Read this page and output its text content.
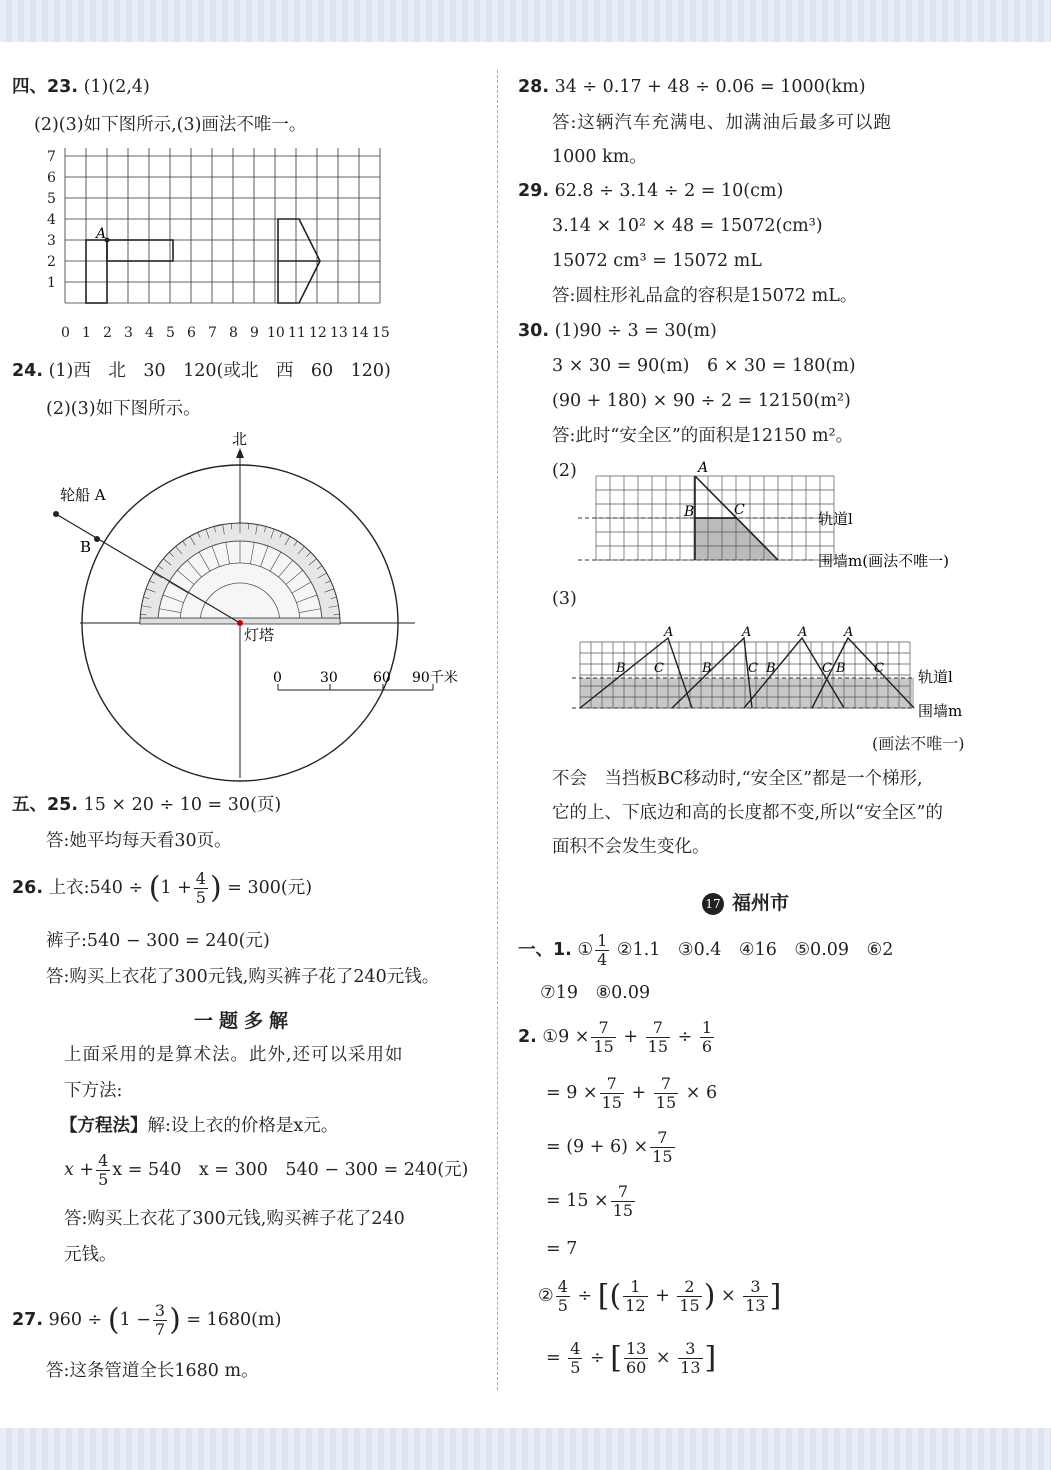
四、23. (1)(2,4)
(2)(3)如下图所示,(3)画法不唯一。
0 1 2 3 4 5 6 7 8 9 10 11 12 13 14 15
7
6
5
4
3
2
1
A
24. (1)西　北　30　120(或北　西　60　120)
(2)(3)如下图所示。
北
轮船 A
B
灯塔
0	30	60 90千米
五、25. 15 × 20 ÷ 10 = 30(页)
答:她平均每天看30页。
26. 上衣:540 ÷ ($1 + \frac{4}{5}$ ) = 300(元)
裤子:540 − 300 = 240(元)
答:购买上衣花了300元钱,购买裤子花了240元钱。
一题多解
上面采用的是算术法。此外,还可以采用如
下方法:
【方程法】解:设上衣的价格是x元。
$x + \frac{4}{5}$ x = 540　x = 300　540 − 300 = 240(元)
答:购买上衣花了300元钱,购买裤子花了240
元钱。
27. $960 \div (1 - \frac{3}{7}$ ) = 1680(m)
答:这条管道全长1680 m。
28. 34 ÷ 0.17 + 48 ÷ 0.06 = 1000(km)
答:这辆汽车充满电、加满油后最多可以跑
1000 km。
29. 62.8 ÷ 3.14 ÷ 2 = 10(cm)
3.14 × 10² × 48 = 15072(cm³)
15072 cm³ = 15072 mL
答:圆柱形礼品盒的容积是15072 mL。
30. (1)90 ÷ 3 = 30(m)
3 × 30 = 90(m)　6 × 30 = 180(m)
(90 + 180) × 90 ÷ 2 = 12150(m²)
答:此时“安全区”的面积是12150 m²。
(2)	A
B	C	轨道l
围墙m(画法不唯一)
(3)
A	A	A	A
B C	B	C B	C B C 轨道l
围墙m
(画法不唯一)
不会　当挡板BC移动时,“安全区”都是一个梯形,
它的上、下底边和高的长度都不变,所以“安全区”的
面积不会发生变化。
17 福州市
一、1. ① $\frac{1}{4}$ ②1.1　③0.4　④16　⑤0.09　⑥2
⑦19　⑧0.09
2. ①9 × $\frac{7}{15} + \frac{7}{15} \div \frac{1}{6}$
= $9 \times \frac{7}{15} + \frac{7}{15} \times 6$
= $(9 + 6) \times \frac{7}{15}$
= $15 \times \frac{7}{15}$
= 7
② $\frac{4}{5}$ ÷ [( $\frac{1}{12} + \frac{2}{15}$ ) × $\frac{3}{13}$ ]
= $\frac{4}{5}$ ÷ [ $\frac{13}{60} \times \frac{3}{13}$ ]
